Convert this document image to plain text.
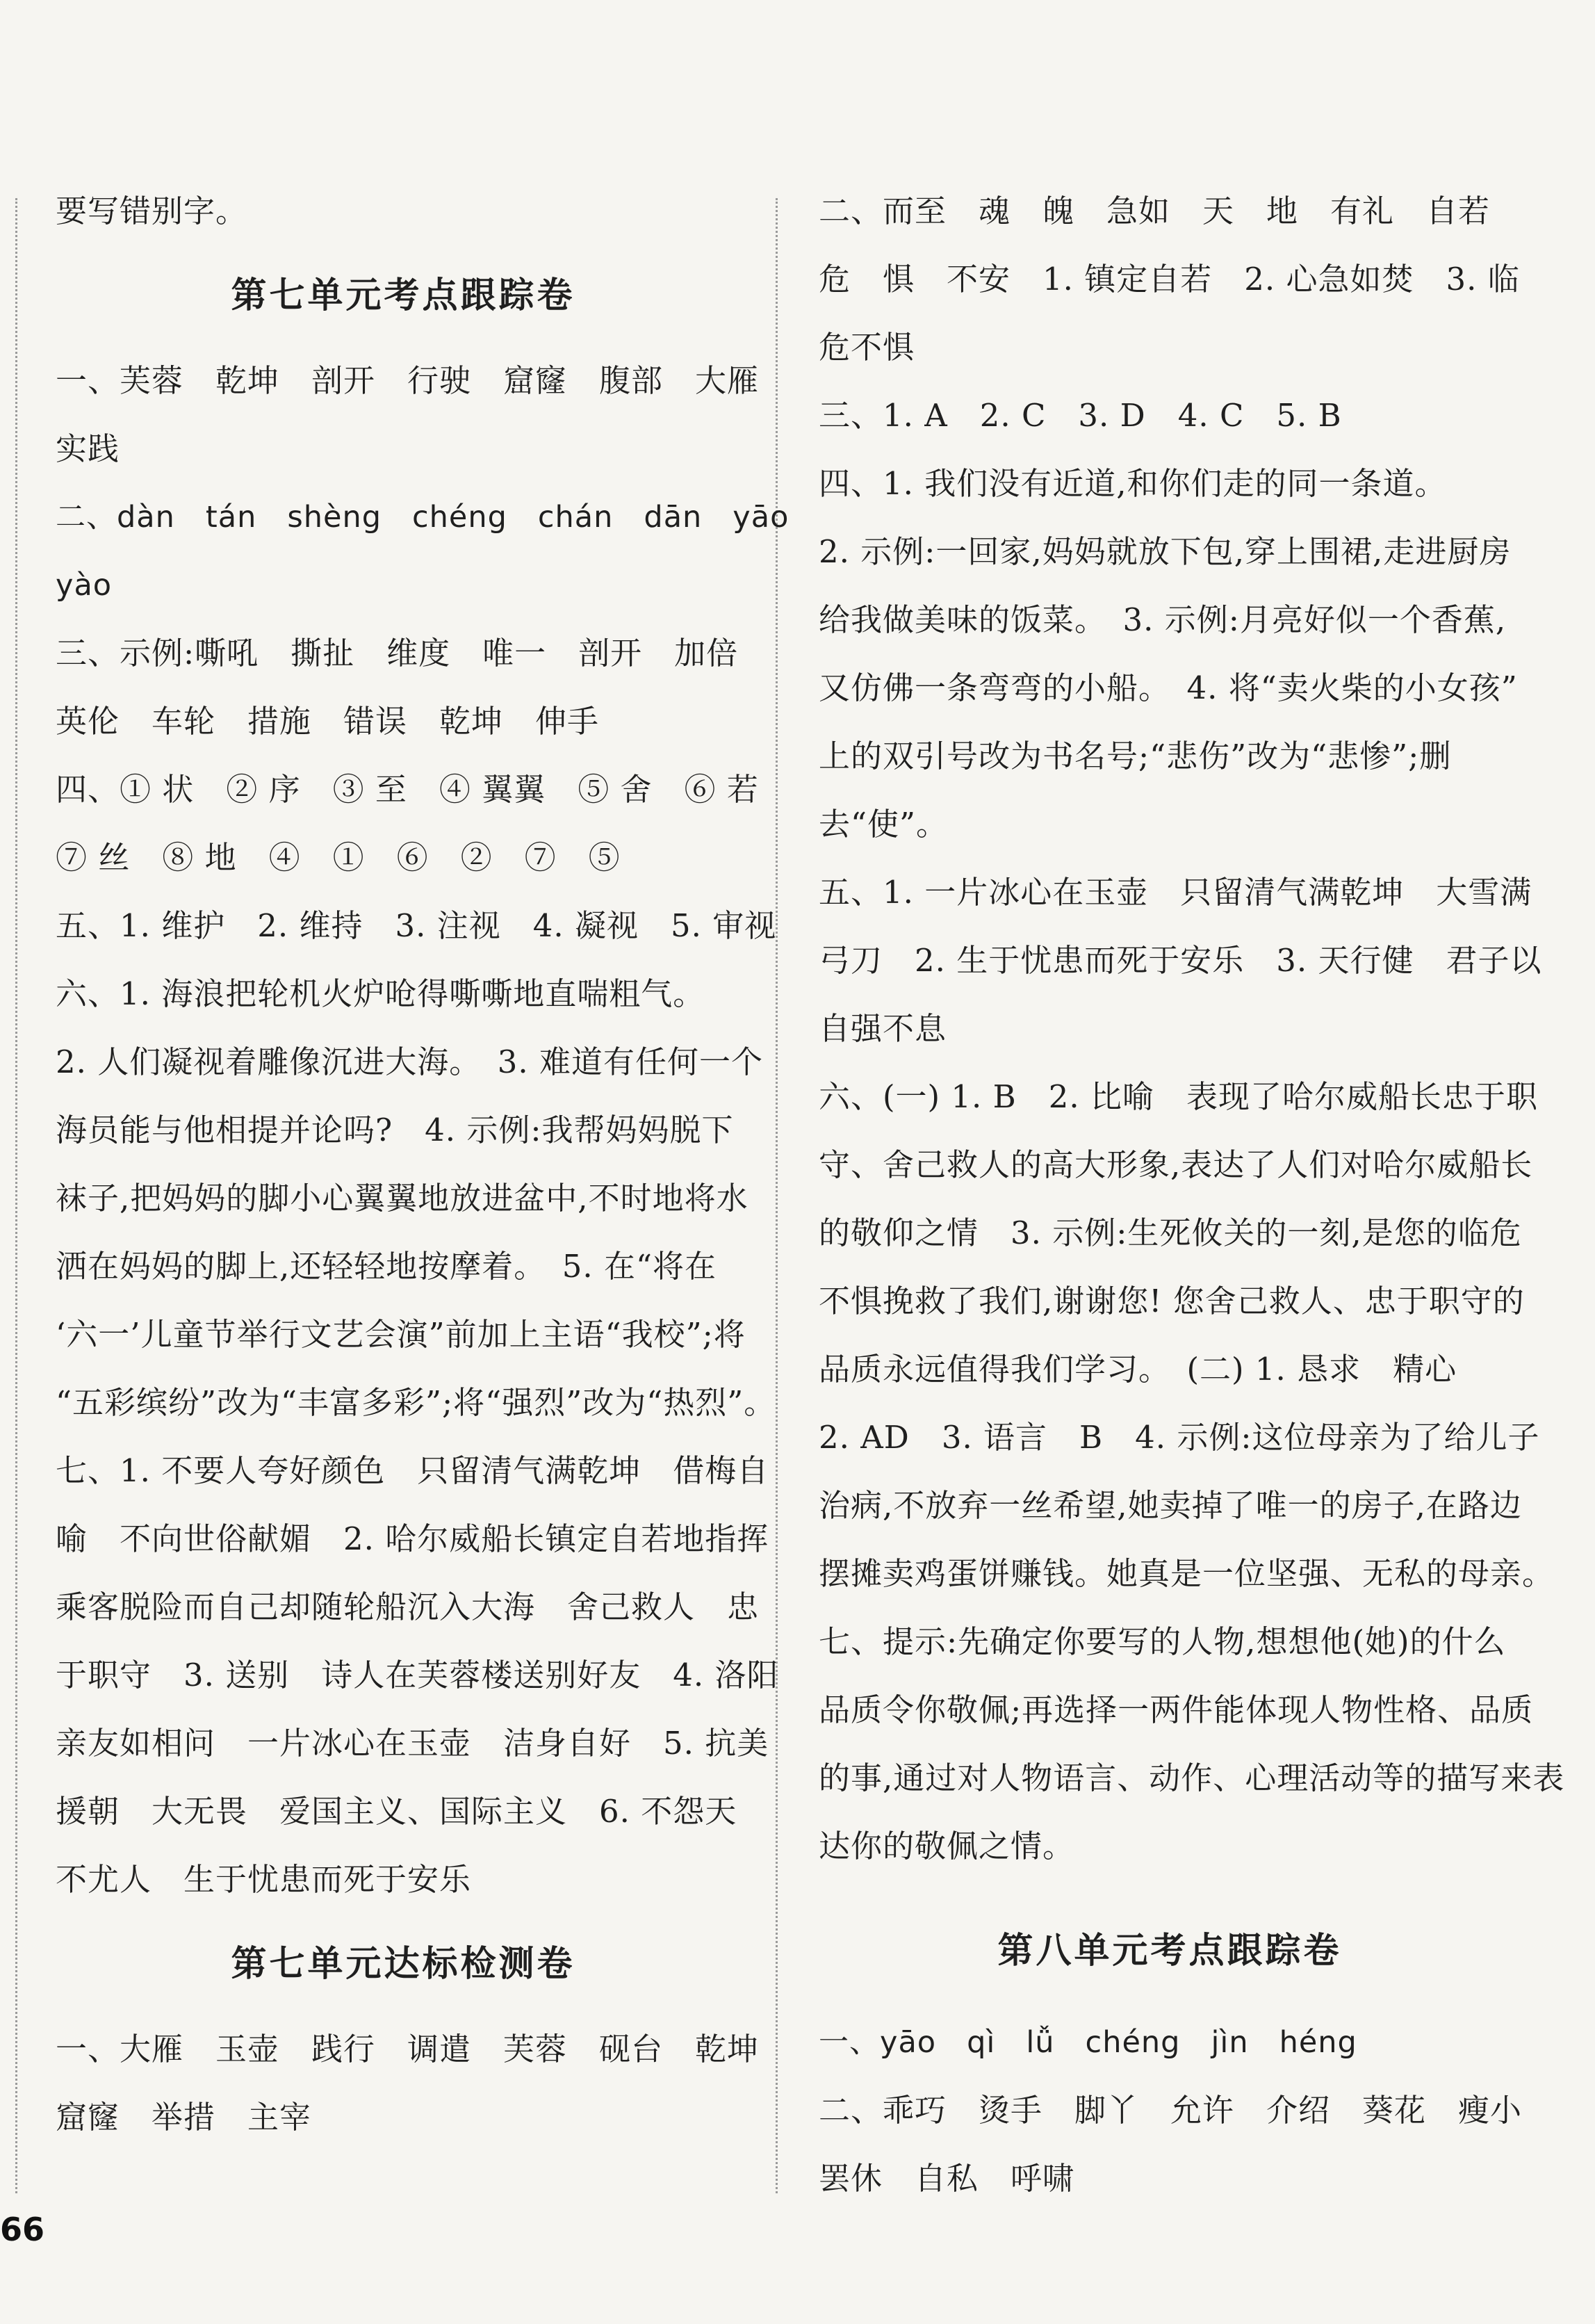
要写错别字。

第七单元考点跟踪卷

一、芙蓉　乾坤　剖开　行驶　窟窿　腹部　大雁

实践

二、dàn　tán　shèng　chéng　chán　dān　yāo

yào

三、示例:嘶吼　撕扯　维度　唯一　剖开　加倍

英伦　车轮　措施　错误　乾坤　伸手

四、① 状　② 序　③ 至　④ 翼翼　⑤ 舍　⑥ 若

⑦ 丝　⑧ 地　④　①　⑥　②　⑦　⑤

五、1. 维护　2. 维持　3. 注视　4. 凝视　5. 审视

六、1. 海浪把轮机火炉呛得嘶嘶地直喘粗气。

2. 人们凝视着雕像沉进大海。　3. 难道有任何一个

海员能与他相提并论吗?　4. 示例:我帮妈妈脱下

袜子,把妈妈的脚小心翼翼地放进盆中,不时地将水

洒在妈妈的脚上,还轻轻地按摩着。　5. 在“将在

‘六一’儿童节举行文艺会演”前加上主语“我校”;将

“五彩缤纷”改为“丰富多彩”;将“强烈”改为“热烈”。

七、1. 不要人夸好颜色　只留清气满乾坤　借梅自

喻　不向世俗献媚　2. 哈尔威船长镇定自若地指挥

乘客脱险而自己却随轮船沉入大海　舍己救人　忠

于职守　3. 送别　诗人在芙蓉楼送别好友　4. 洛阳

亲友如相问　一片冰心在玉壶　洁身自好　5. 抗美

援朝　大无畏　爱国主义、国际主义　6. 不怨天

不尤人　生于忧患而死于安乐

第七单元达标检测卷

一、大雁　玉壶　践行　调遣　芙蓉　砚台　乾坤

窟窿　举措　主宰

二、而至　魂　魄　急如　天　地　有礼　自若

危　惧　不安　1. 镇定自若　2. 心急如焚　3. 临

危不惧

三、1. A　2. C　3. D　4. C　5. B

四、1. 我们没有近道,和你们走的同一条道。

2. 示例:一回家,妈妈就放下包,穿上围裙,走进厨房

给我做美味的饭菜。　3. 示例:月亮好似一个香蕉,

又仿佛一条弯弯的小船。　4. 将“卖火柴的小女孩”

上的双引号改为书名号;“悲伤”改为“悲惨”;删

去“使”。

五、1. 一片冰心在玉壶　只留清气满乾坤　大雪满

弓刀　2. 生于忧患而死于安乐　3. 天行健　君子以

自强不息

六、(一) 1. B　2. 比喻　表现了哈尔威船长忠于职

守、舍己救人的高大形象,表达了人们对哈尔威船长

的敬仰之情　3. 示例:生死攸关的一刻,是您的临危

不惧挽救了我们,谢谢您! 您舍己救人、忠于职守的

品质永远值得我们学习。　(二) 1. 恳求　精心

2. AD　3. 语言　B　4. 示例:这位母亲为了给儿子

治病,不放弃一丝希望,她卖掉了唯一的房子,在路边

摆摊卖鸡蛋饼赚钱。她真是一位坚强、无私的母亲。

七、提示:先确定你要写的人物,想想他(她)的什么

品质令你敬佩;再选择一两件能体现人物性格、品质

的事,通过对人物语言、动作、心理活动等的描写来表

达你的敬佩之情。

第八单元考点跟踪卷

一、yāo　qì　lǚ　chéng　jìn　héng

二、乖巧　烫手　脚丫　允许　介绍　葵花　瘦小

罢休　自私　呼啸

66
